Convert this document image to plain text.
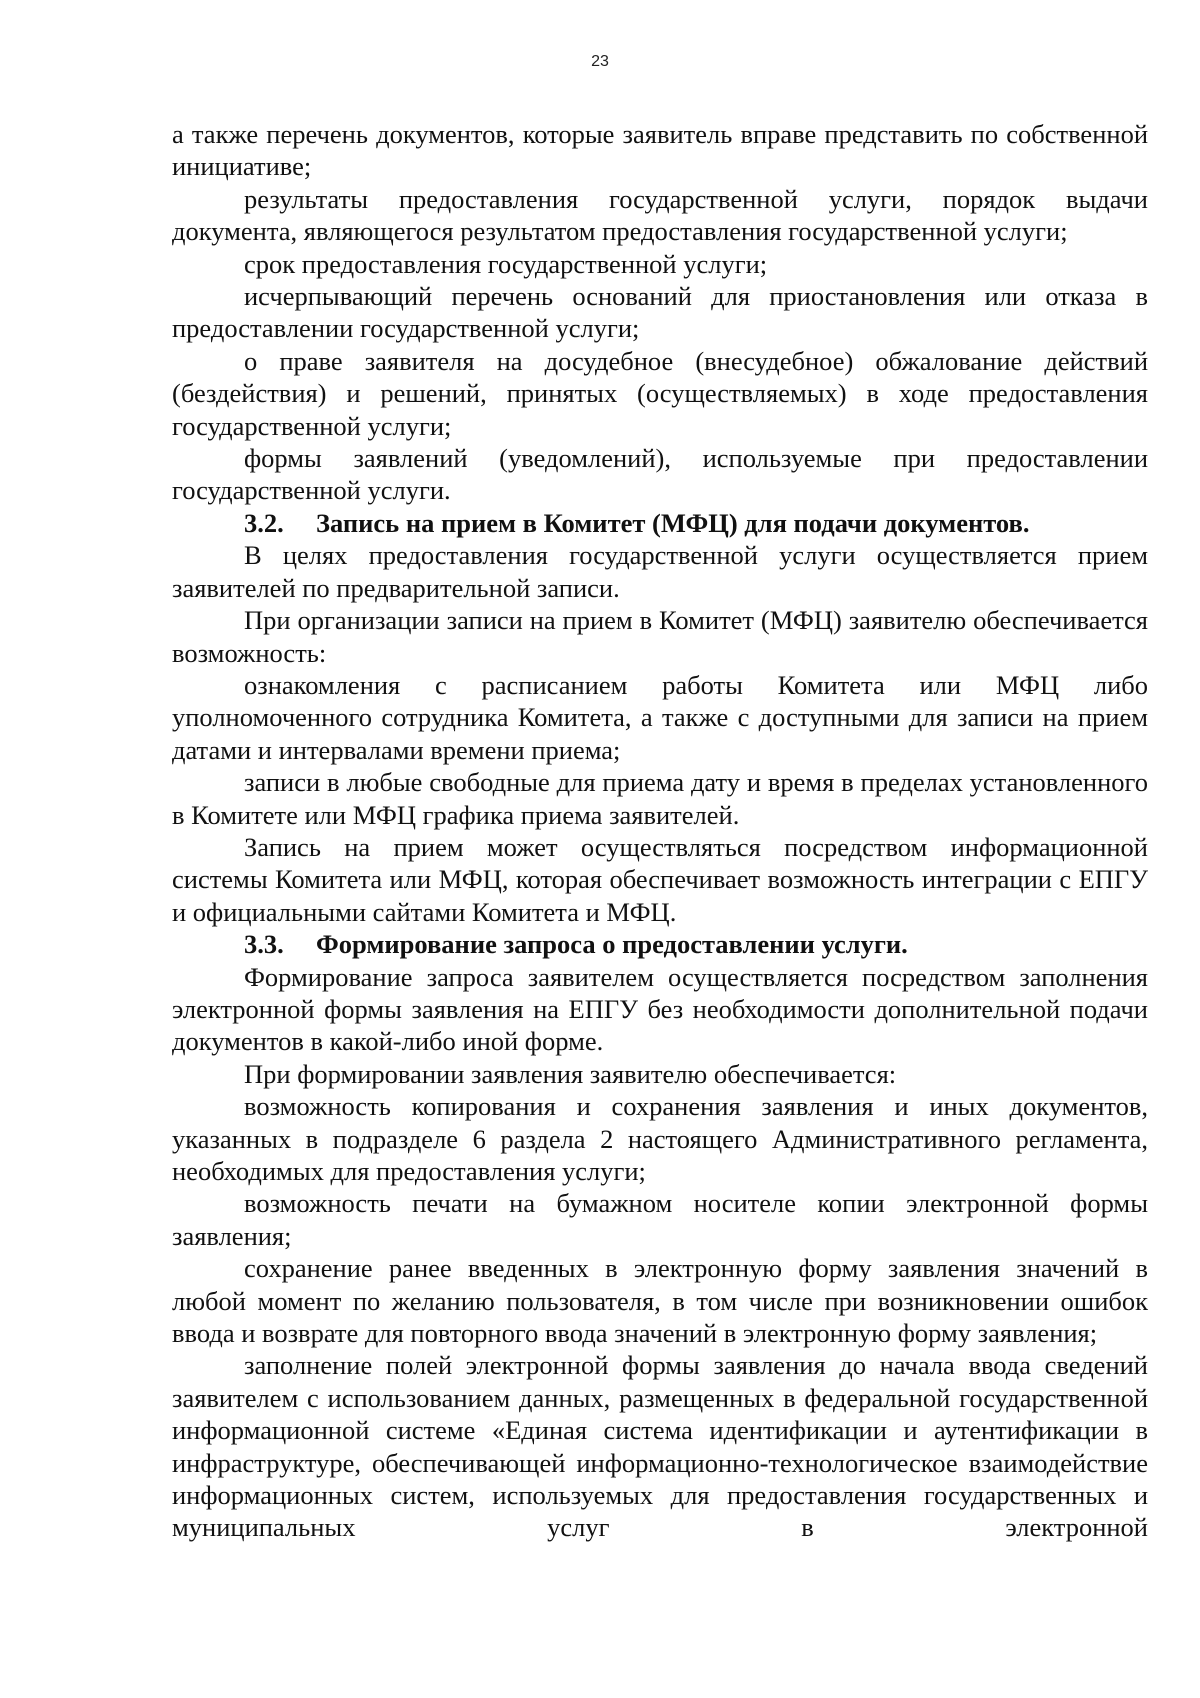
23

а также перечень документов, которые заявитель вправе представить по собственной инициативе;

результаты предоставления государственной услуги, порядок выдачи документа, являющегося результатом предоставления государственной услуги;

срок предоставления государственной услуги;

исчерпывающий перечень оснований для приостановления или отказа в предоставлении государственной услуги;

о праве заявителя на досудебное (внесудебное) обжалование действий (бездействия) и решений, принятых (осуществляемых) в ходе предоставления государственной услуги;

формы заявлений (уведомлений), используемые при предоставлении государственной услуги.

3.2. Запись на прием в Комитет (МФЦ) для подачи документов.

В целях предоставления государственной услуги осуществляется прием заявителей по предварительной записи.

При организации записи на прием в Комитет (МФЦ) заявителю обеспечивается возможность:

ознакомления с расписанием работы Комитета или МФЦ либо уполномоченного сотрудника Комитета, а также с доступными для записи на прием датами и интервалами времени приема;

записи в любые свободные для приема дату и время в пределах установленного в Комитете или МФЦ графика приема заявителей.

Запись на прием может осуществляться посредством информационной системы Комитета или МФЦ, которая обеспечивает возможность интеграции с ЕПГУ и официальными сайтами Комитета и МФЦ.

3.3. Формирование запроса о предоставлении услуги.

Формирование запроса заявителем осуществляется посредством заполнения электронной формы заявления на ЕПГУ без необходимости дополнительной подачи документов в какой-либо иной форме.

При формировании заявления заявителю обеспечивается:

возможность копирования и сохранения заявления и иных документов, указанных в подразделе 6 раздела 2 настоящего Административного регламента, необходимых для предоставления услуги;

возможность печати на бумажном носителе копии электронной формы заявления;

сохранение ранее введенных в электронную форму заявления значений в любой момент по желанию пользователя, в том числе при возникновении ошибок ввода и возврате для повторного ввода значений в электронную форму заявления;

заполнение полей электронной формы заявления до начала ввода сведений заявителем с использованием данных, размещенных в федеральной государственной информационной системе «Единая система идентификации и аутентификации в инфраструктуре, обеспечивающей информационно-технологическое взаимодействие информационных систем, используемых для предоставления государственных и муниципальных услуг в электронной
